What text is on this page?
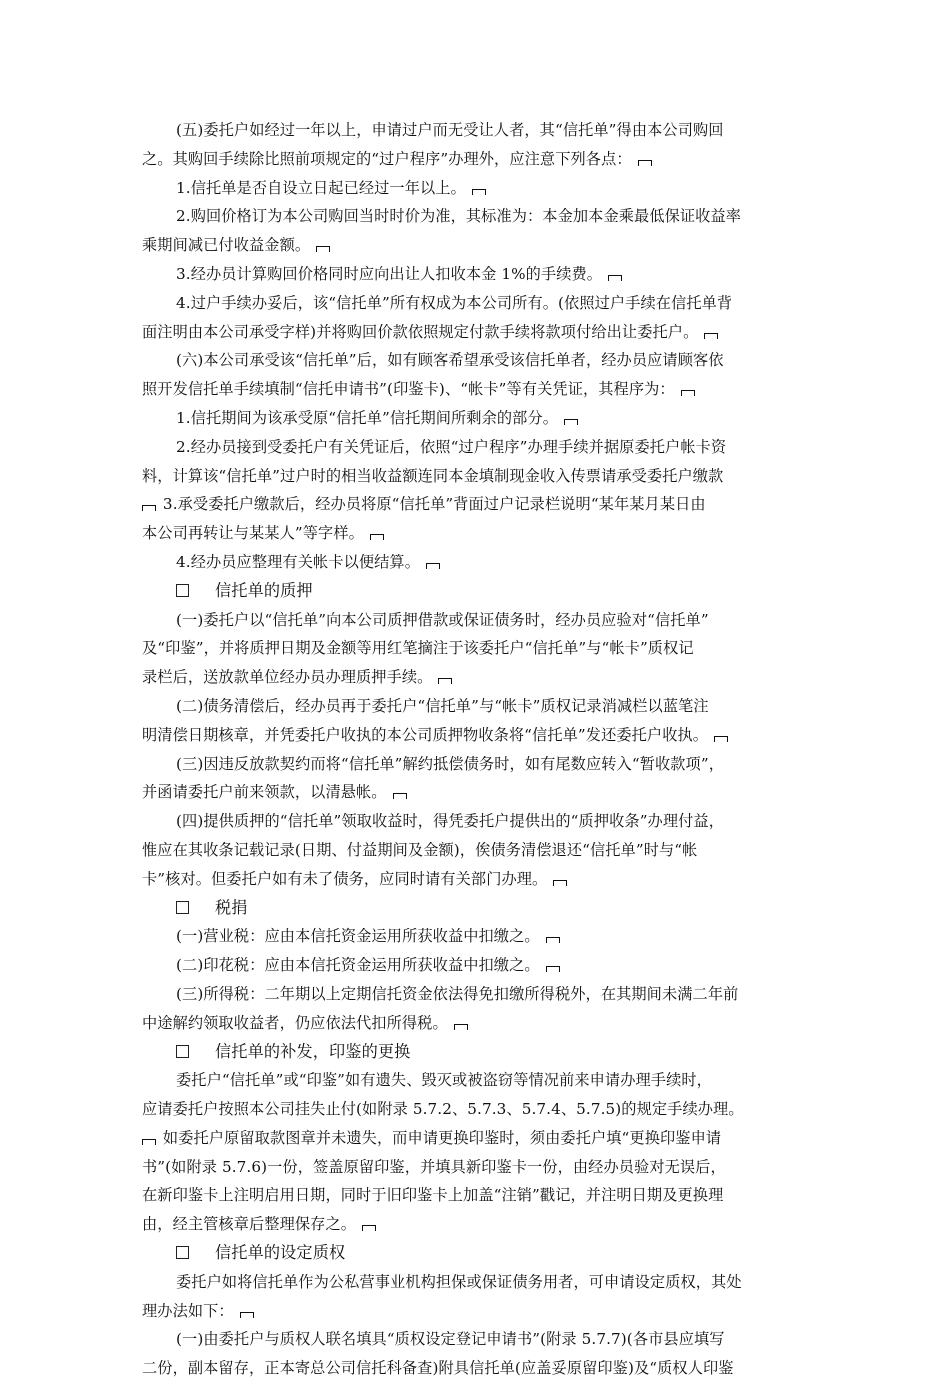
(五)委托户如经过一年以上，申请过户而无受让人者，其“信托单”得由本公司购回
之。其购回手续除比照前项规定的“过户程序”办理外，应注意下列各点：
1.信托单是否自设立日起已经过一年以上。
2.购回价格订为本公司购回当时时价为准，其标准为：本金加本金乘最低保证收益率
乘期间减已付收益金额。
3.经办员计算购回价格同时应向出让人扣收本金 1%的手续费。
4.过户手续办妥后，该“信托单”所有权成为本公司所有。(依照过户手续在信托单背
面注明由本公司承受字样)并将购回价款依照规定付款手续将款项付给出让委托户。
(六)本公司承受该“信托单”后，如有顾客希望承受该信托单者，经办员应请顾客依
照开发信托单手续填制“信托申请书”(印鉴卡)、“帐卡”等有关凭证，其程序为：
1.信托期间为该承受原“信托单”信托期间所剩余的部分。
2.经办员接到受委托户有关凭证后，依照“过户程序”办理手续并据原委托户帐卡资
料，计算该“信托单”过户时的相当收益额连同本金填制现金收入传票请承受委托户缴款
3.承受委托户缴款后，经办员将原“信托单”背面过户记录栏说明“某年某月某日由
本公司再转让与某某人”等字样。
4.经办员应整理有关帐卡以便结算。
信托单的质押
(一)委托户以“信托单”向本公司质押借款或保证债务时，经办员应验对“信托单”
及“印鉴”，并将质押日期及金额等用红笔摘注于该委托户“信托单”与“帐卡”质权记
录栏后，送放款单位经办员办理质押手续。
(二)债务清偿后，经办员再于委托户“信托单”与“帐卡”质权记录消减栏以蓝笔注
明清偿日期核章，并凭委托户收执的本公司质押物收条将“信托单”发还委托户收执。
(三)因违反放款契约而将“信托单”解约抵偿债务时，如有尾数应转入“暂收款项”，
并函请委托户前来领款，以清悬帐。
(四)提供质押的“信托单”领取收益时，得凭委托户提供出的“质押收条”办理付益，
惟应在其收条记载记录(日期、付益期间及金额)，俟债务清偿退还“信托单”时与“帐
卡”核对。但委托户如有未了债务，应同时请有关部门办理。
税捐
(一)营业税：应由本信托资金运用所获收益中扣缴之。
(二)印花税：应由本信托资金运用所获收益中扣缴之。
(三)所得税：二年期以上定期信托资金依法得免扣缴所得税外，在其期间未满二年前
中途解约领取收益者，仍应依法代扣所得税。
信托单的补发，印鉴的更换
委托户“信托单”或“印鉴”如有遗失、毁灭或被盗窃等情况前来申请办理手续时，
应请委托户按照本公司挂失止付(如附录 5.7.2、5.7.3、5.7.4、5.7.5)的规定手续办理。
如委托户原留取款图章并未遗失，而申请更换印鉴时，须由委托户填“更换印鉴申请
书”(如附录 5.7.6)一份，签盖原留印鉴，并填具新印鉴卡一份，由经办员验对无误后，
在新印鉴卡上注明启用日期，同时于旧印鉴卡上加盖“注销”戳记，并注明日期及更换理
由，经主管核章后整理保存之。
信托单的设定质权
委托户如将信托单作为公私营事业机构担保或保证债务用者，可申请设定质权，其处
理办法如下：
(一)由委托户与质权人联名填具“质权设定登记申请书”(附录 5.7.7)(各市县应填写
二份，副本留存，正本寄总公司信托科备查)附具信托单(应盖妥原留印鉴)及“质权人印鉴
